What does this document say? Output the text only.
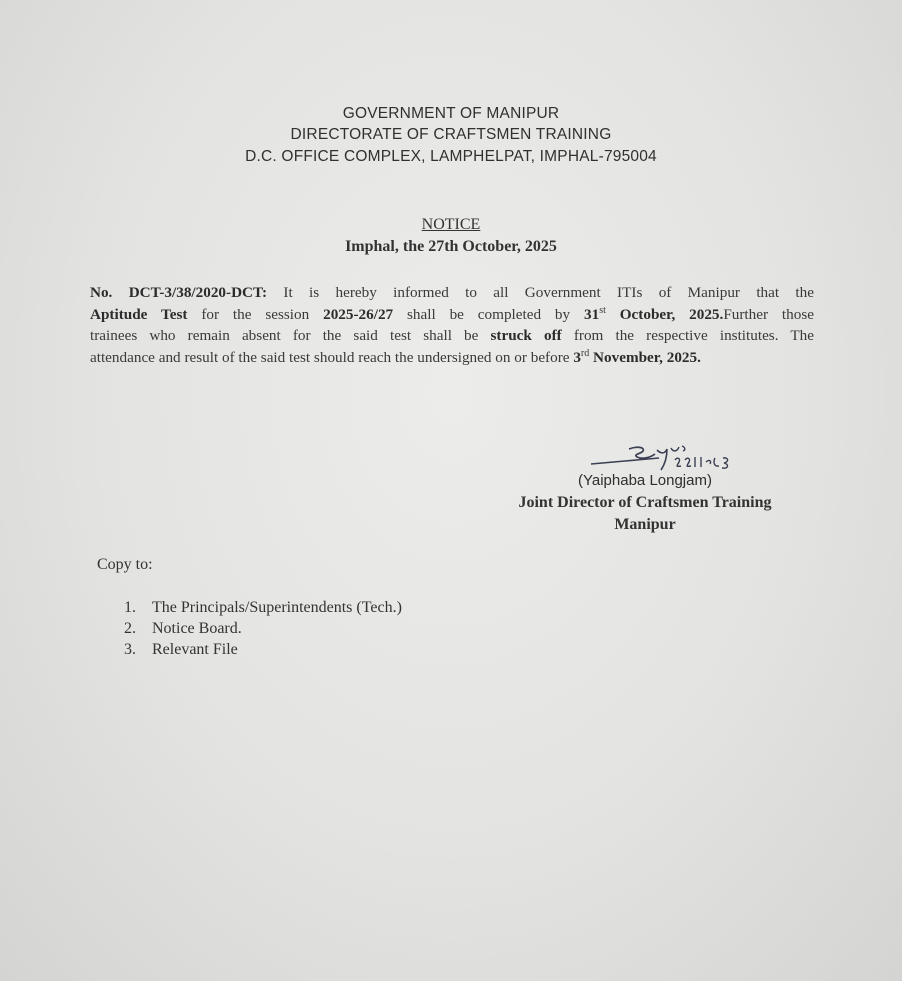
GOVERNMENT OF MANIPUR
DIRECTORATE OF CRAFTSMEN TRAINING
D.C. OFFICE COMPLEX, LAMPHELPAT, IMPHAL-795004
NOTICE
Imphal, the 27th October, 2025
No. DCT-3/38/2020-DCT: It is hereby informed to all Government ITIs of Manipur that the
Aptitude Test for the session 2025-26/27 shall be completed by 31st October, 2025.Further those
trainees who remain absent for the said test shall be struck off from the respective institutes. The
attendance and result of the said test should reach the undersigned on or before 3rd November, 2025.
(Yaiphaba Longjam)
Joint Director of Craftsmen Training
Manipur
Copy to:
1. The Principals/Superintendents (Tech.)
2. Notice Board.
3. Relevant File
